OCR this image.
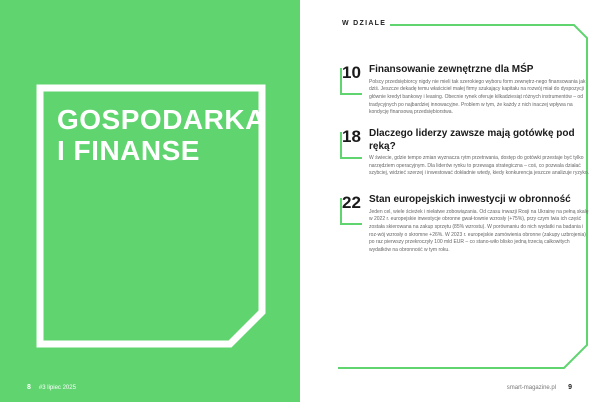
GOSPODARKA
I FINANSE
8 #3 lipiec 2025
W DZIALE
10 Finansowanie zewnętrzne dla MŚP
Polscy przedsiębiorcy nigdy nie mieli tak szerokiego wyboru form zewnętrz-nego finansowania jak dziś. Jeszcze dekadę temu właściciel małej firmy szukający kapitału na rozwój miał do dyspozycji głównie kredyt bankowy i leasing. Obecnie rynek oferuje kilkadziesiąt różnych instrumentów – od tradycyjnych po najbardziej innowacyjne. Problem w tym, że każdy z nich inaczej wpływa na kondycję finansową przedsiębiorstwa.
18 Dlaczego liderzy zawsze mają gotówkę pod ręką?
W świecie, gdzie tempo zmian wyznacza rytm przetrwania, dostęp do gotówki przestaje być tylko narzędziem operacyjnym. Dla liderów rynku to przewaga strategiczna – coś, co pozwala działać szybciej, widzieć szerzej i inwestować dokładnie wtedy, kiedy konkurencja jeszcze analizuje ryzyko.
22 Stan europejskich inwestycji w obronność
Jeden cel, wiele ścieżek i niełatwe zobowiązania. Od czasu inwazji Rosji na Ukrainę na pełną skalę w 2022 r. europejskie inwestycje obronne gwał-townie wzrosły (+75%), przy czym lwia ich część została skierowana na zakup sprzętu (85% wzrostu). W porównaniu do nich wydatki na badania i roz-wój wzrosły o skromne +26%. W 2023 r. europejskie zamówienia obronne (zakupy uzbrojenia) po raz pierwszy przekroczyły 100 mld EUR – co stano-wiło blisko jedną trzecią całkowitych wydatków na obronność w tym roku.
smart-magazine.pl 9
